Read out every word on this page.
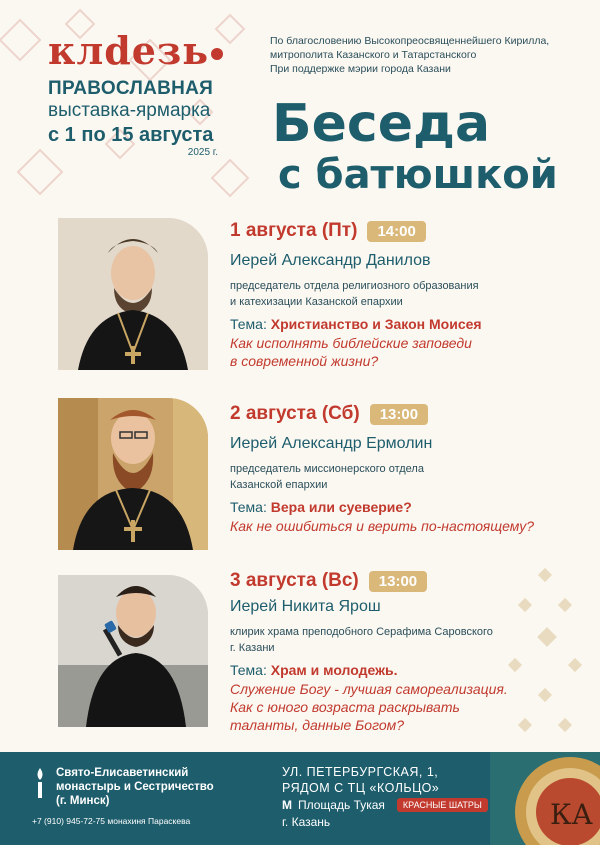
клdезь
ПРАВОСЛАВНАЯ
выставка-ярмарка
с 1 по 15 августа
2025 г.
По благословению Высокопреосвященнейшего Кирилла,
митрополита Казанского и Татарстанского
При поддержке мэрии города Казани
Беседа
с батюшкой
1 августа (Пт)	14:00
Иерей Александр Данилов
председатель отдела религиозного образования
и катехизации Казанской епархии
Тема: Христианство и Закон Моисея
Как исполнять библейские заповеди
в современной жизни?
2 августа (Сб)	13:00
Иерей Александр Ермолин
председатель миссионерского отдела
Казанской епархии
Тема: Вера или суеверие?
Как не ошибиться и верить по-настоящему?
3 августа (Вс)	13:00
Иерей Никита Ярош
клирик храма преподобного Серафима Саровского
г. Казани
Тема: Храм и молодежь.
Служение Богу - лучшая самореализация.
Как с юного возраста раскрывать
таланты, данные Богом?
Свято-Елисаветинский
монастырь и Сестричество
(г. Минск)
+7 (910) 945-72-75 монахиня Параскева
УЛ. ПЕТЕРБУРГСКАЯ, 1,
РЯДОМ С ТЦ «КОЛЬЦО»
М Площадь Тукая	КРАСНЫЕ ШАТРЫ
г. Казань	КА
